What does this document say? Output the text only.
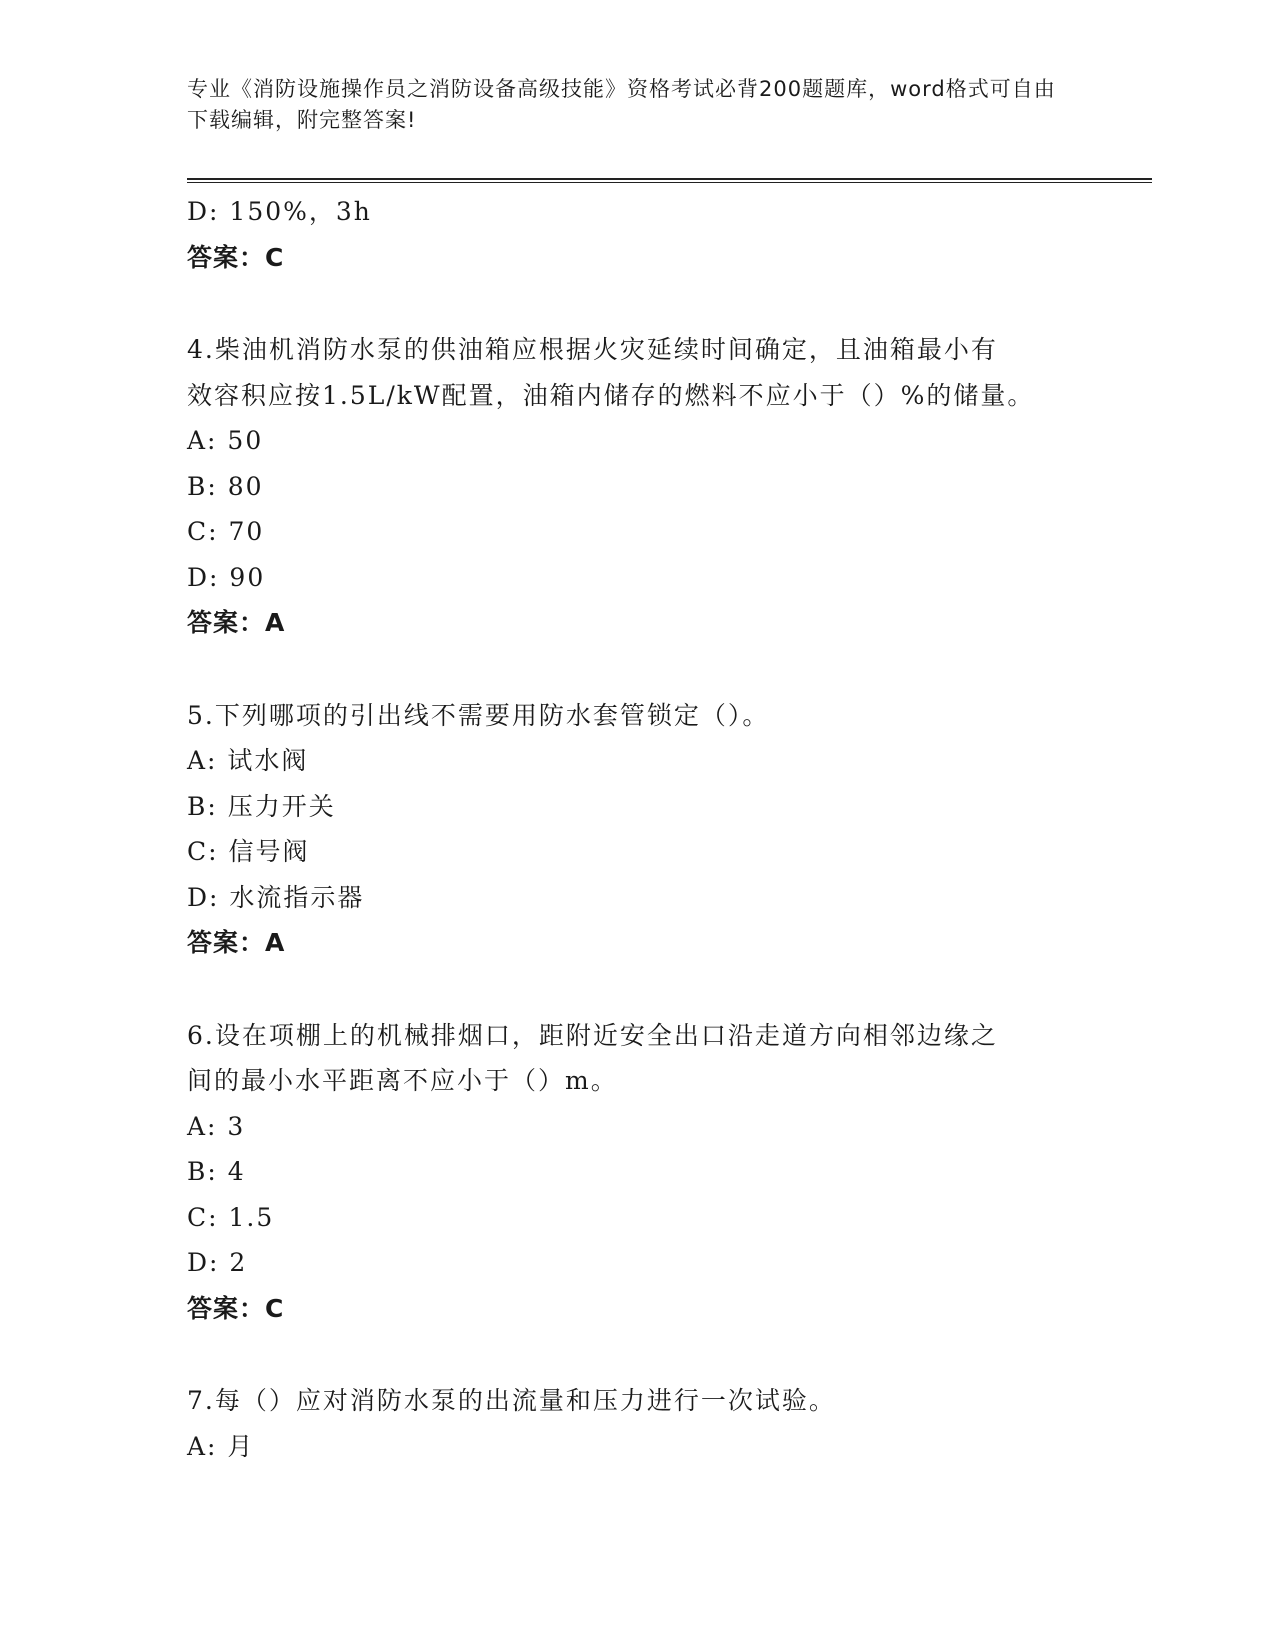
专业《消防设施操作员之消防设备高级技能》资格考试必背200题题库，word格式可自由下载编辑，附完整答案!
D: 150%，3h
答案：C
4.柴油机消防水泵的供油箱应根据火灾延续时间确定，且油箱最小有
效容积应按1.5L/kW配置，油箱内储存的燃料不应小于（）%的储量。
A: 50
B: 80
C: 70
D: 90
答案：A
5.下列哪项的引出线不需要用防水套管锁定（）。
A: 试水阀
B: 压力开关
C: 信号阀
D: 水流指示器
答案：A
6.设在项棚上的机械排烟口，距附近安全出口沿走道方向相邻边缘之
间的最小水平距离不应小于（）m。
A: 3
B: 4
C: 1.5
D: 2
答案：C
7.每（）应对消防水泵的出流量和压力进行一次试验。
A: 月
